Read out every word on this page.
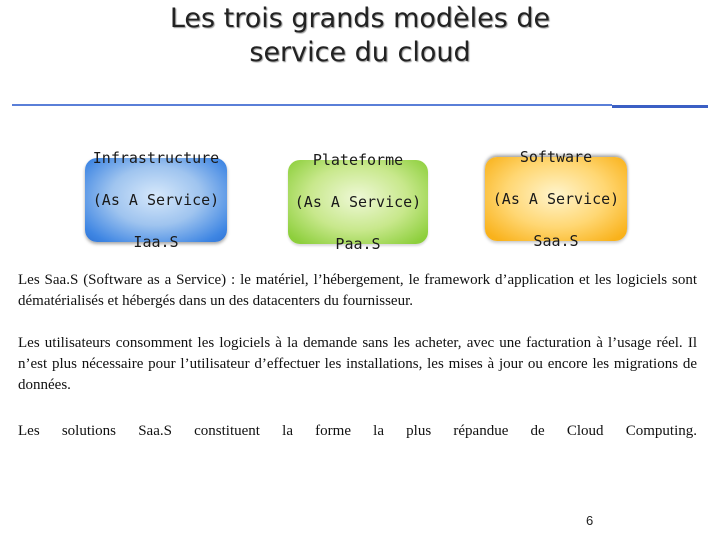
Les trois grands modèles de
service du cloud

Infrastructure

(As A Service)

Iaa.S

Plateforme

(As A Service)

Paa.S

Software

(As A Service)

Saa.S

Les Saa.S (Software as a Service) : le matériel, l’hébergement, le framework d’application et les logiciels sont dématérialisés et hébergés dans un des datacenters du fournisseur.

Les utilisateurs consomment les logiciels à la demande sans les acheter, avec une facturation à l’usage réel. Il n’est plus nécessaire pour l’utilisateur d’effectuer les installations, les mises à jour ou encore les migrations de données.

Les solutions Saa.S constituent la forme la plus répandue de Cloud Computing.

6
